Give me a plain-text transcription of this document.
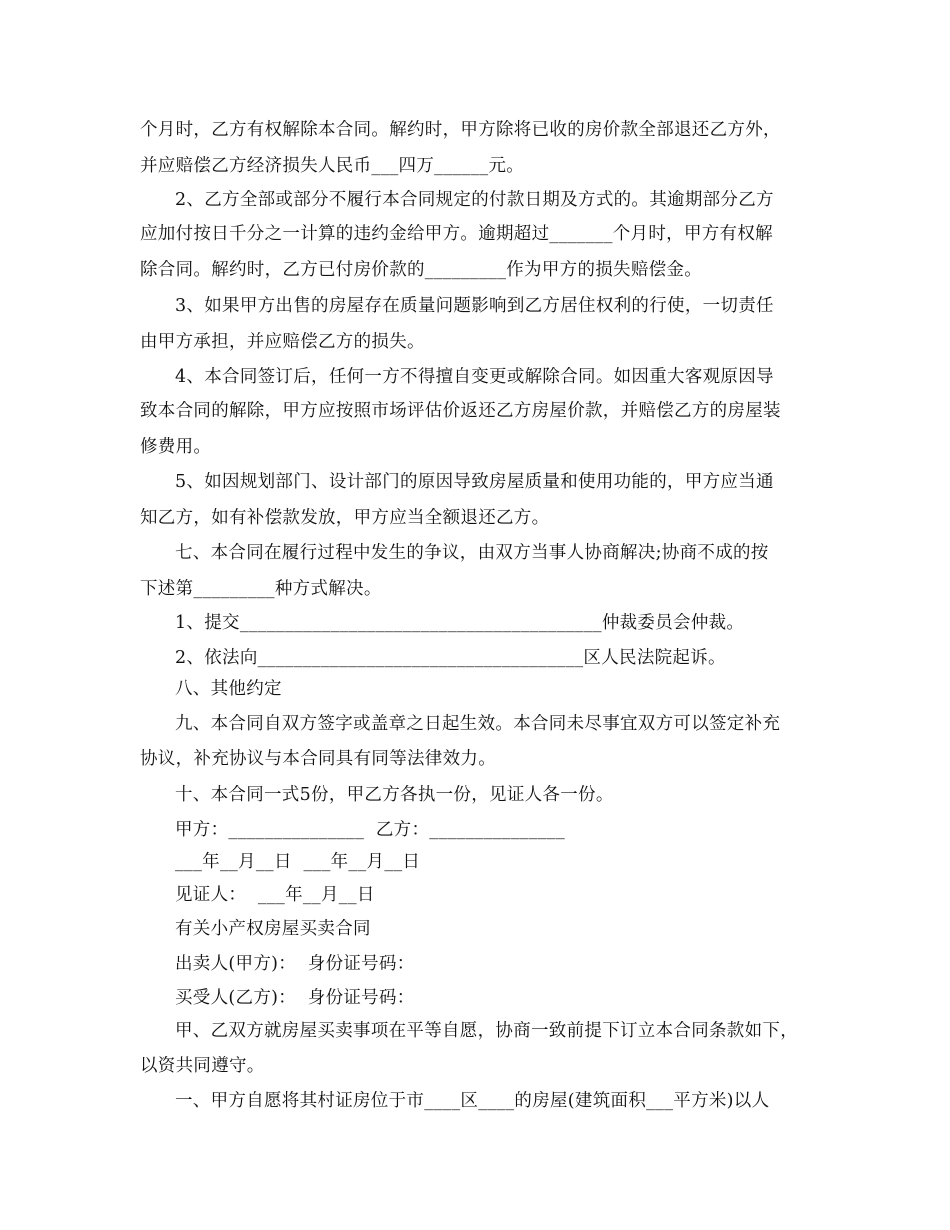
个月时，乙方有权解除本合同。解约时，甲方除将已收的房价款全部退还乙方外，
并应赔偿乙方经济损失人民币___四万______元。
2、乙方全部或部分不履行本合同规定的付款日期及方式的。其逾期部分乙方
应加付按日千分之一计算的违约金给甲方。逾期超过_______个月时，甲方有权解
除合同。解约时，乙方已付房价款的_________作为甲方的损失赔偿金。
3、如果甲方出售的房屋存在质量问题影响到乙方居住权利的行使，一切责任
由甲方承担，并应赔偿乙方的损失。
4、本合同签订后，任何一方不得擅自变更或解除合同。如因重大客观原因导
致本合同的解除，甲方应按照市场评估价返还乙方房屋价款，并赔偿乙方的房屋装
修费用。
5、如因规划部门、设计部门的原因导致房屋质量和使用功能的，甲方应当通
知乙方，如有补偿款发放，甲方应当全额退还乙方。
七、本合同在履行过程中发生的争议，由双方当事人协商解决;协商不成的按
下述第_________种方式解决。
1、提交________________________________________仲裁委员会仲裁。
2、依法向____________________________________区人民法院起诉。
八、其他约定
九、本合同自双方签字或盖章之日起生效。本合同未尽事宜双方可以签定补充
协议，补充协议与本合同具有同等法律效力。
十、本合同一式5份，甲乙方各执一份，见证人各一份。
甲方：_______________  乙方：_______________
___年__月__日  ___年__月__日
见证人：  ___年__月__日
有关小产权房屋买卖合同
出卖人(甲方)：  身份证号码：
买受人(乙方)：  身份证号码：
甲、乙双方就房屋买卖事项在平等自愿，协商一致前提下订立本合同条款如下，
以资共同遵守。
一、甲方自愿将其村证房位于市____区____的房屋(建筑面积___平方米)以人
